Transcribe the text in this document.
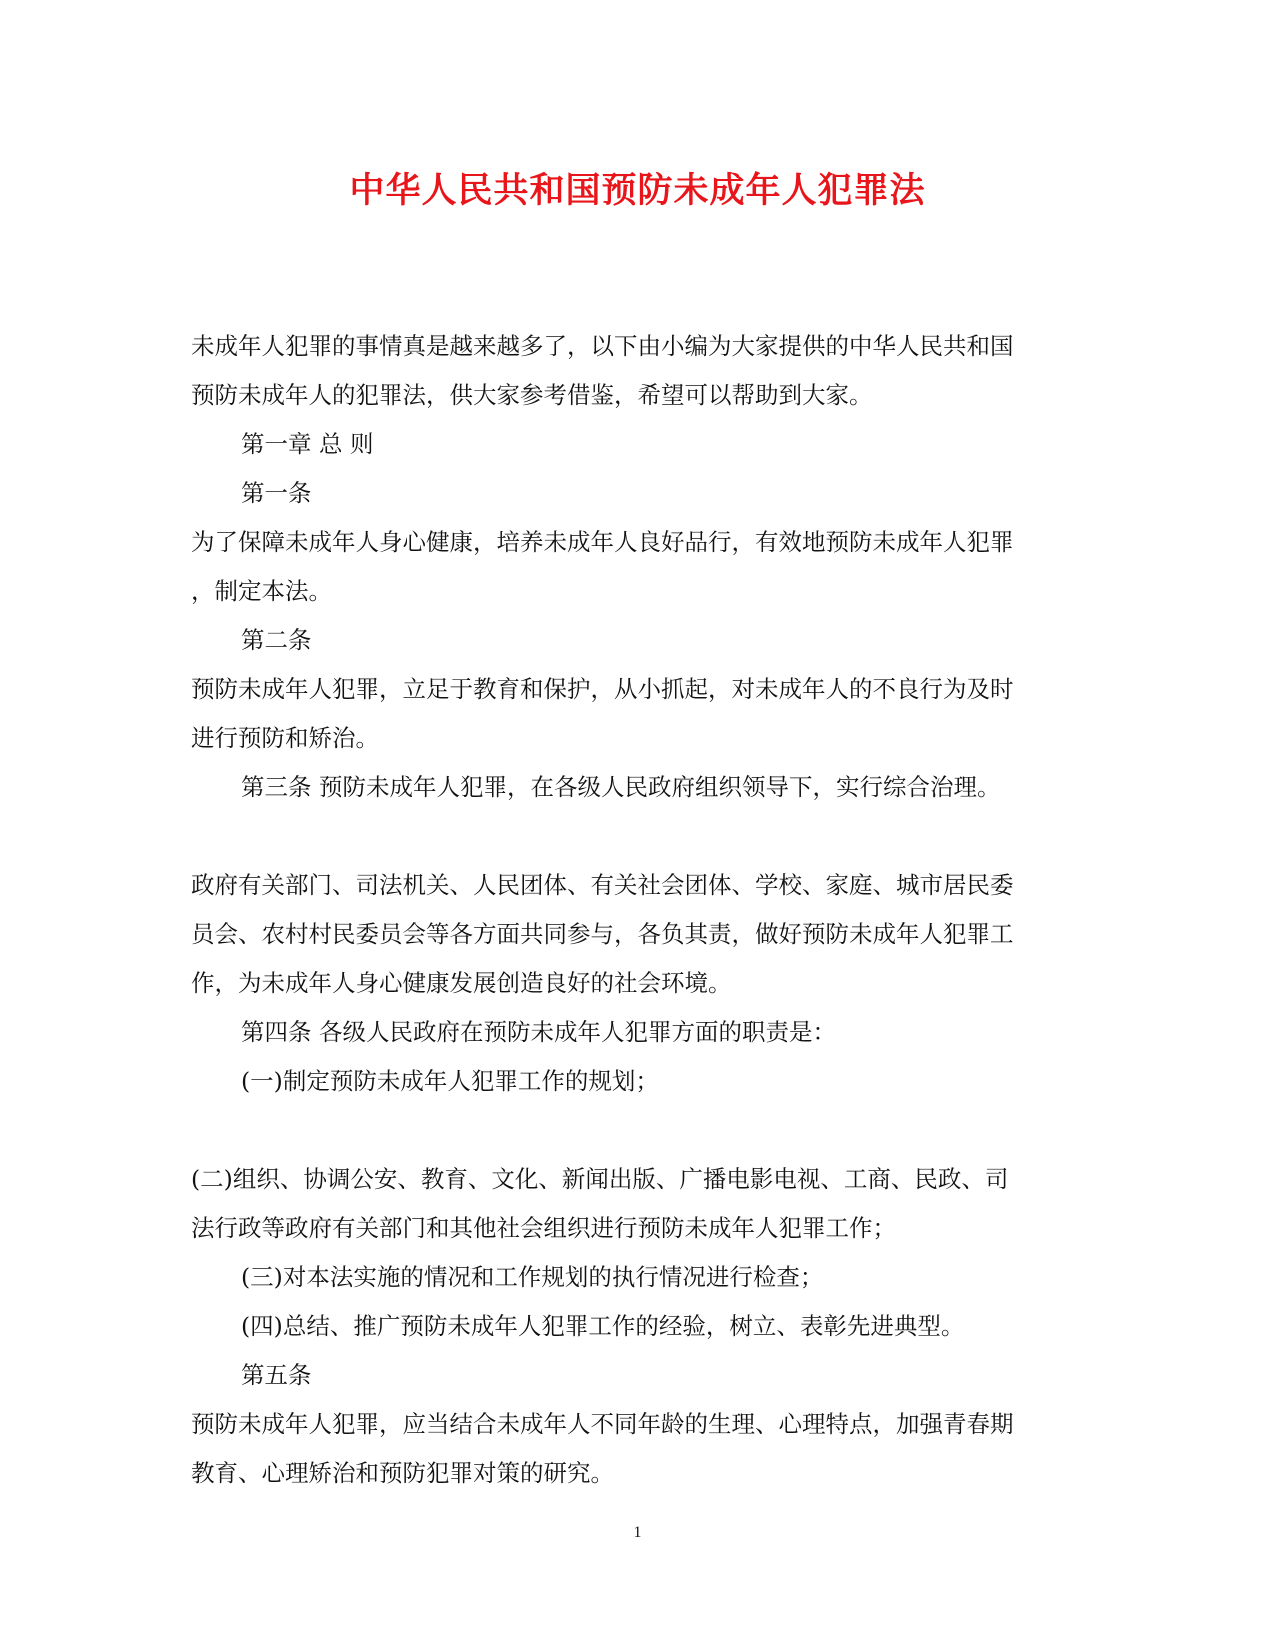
中华人民共和国预防未成年人犯罪法
未成年人犯罪的事情真是越来越多了，以下由小编为大家提供的中华人民共和国
预防未成年人的犯罪法，供大家参考借鉴，希望可以帮助到大家。
第一章 总 则
第一条
为了保障未成年人身心健康，培养未成年人良好品行，有效地预防未成年人犯罪
，制定本法。
第二条
预防未成年人犯罪，立足于教育和保护，从小抓起，对未成年人的不良行为及时
进行预防和矫治。
第三条 预防未成年人犯罪，在各级人民政府组织领导下，实行综合治理。
政府有关部门、司法机关、人民团体、有关社会团体、学校、家庭、城市居民委
员会、农村村民委员会等各方面共同参与，各负其责，做好预防未成年人犯罪工
作，为未成年人身心健康发展创造良好的社会环境。
第四条 各级人民政府在预防未成年人犯罪方面的职责是：
(一)制定预防未成年人犯罪工作的规划；
(二)组织、协调公安、教育、文化、新闻出版、广播电影电视、工商、民政、司
法行政等政府有关部门和其他社会组织进行预防未成年人犯罪工作；
(三)对本法实施的情况和工作规划的执行情况进行检查；
(四)总结、推广预防未成年人犯罪工作的经验，树立、表彰先进典型。
第五条
预防未成年人犯罪，应当结合未成年人不同年龄的生理、心理特点，加强青春期
教育、心理矫治和预防犯罪对策的研究。
1
